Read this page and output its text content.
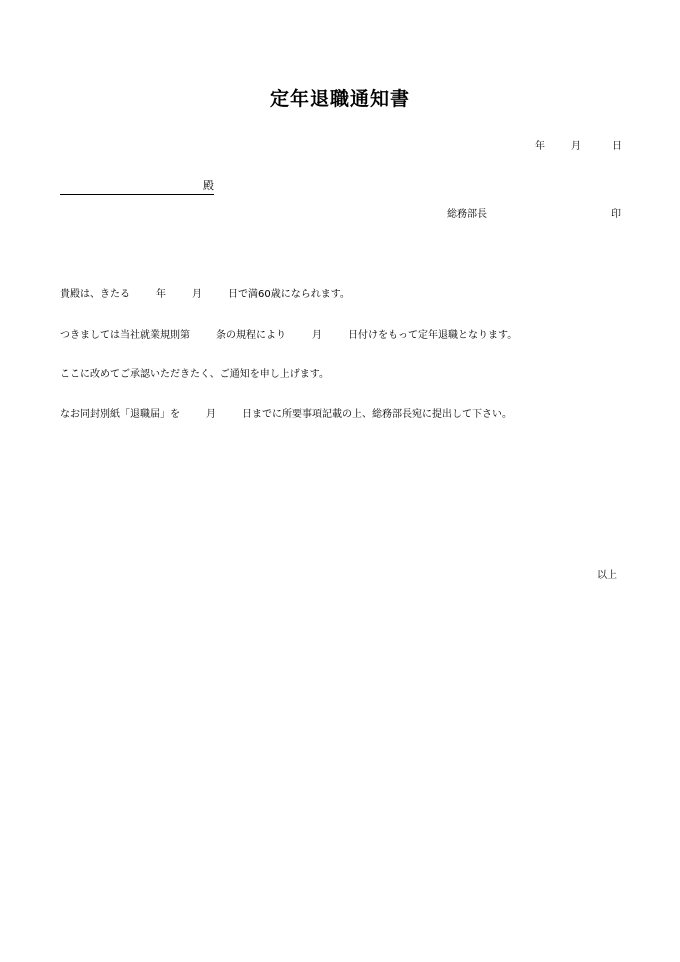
定年退職通知書
年	月	日
殿
総務部長	印
貴殿は、きたる	年	月	日で満60歳になられます。
つきましては当社就業規則第	条の規程により	月	日付けをもって定年退職となります。
ここに改めてご承認いただきたく、ご通知を申し上げます。
なお同封別紙「退職届」を	月	日までに所要事項記載の上、総務部長宛に提出して下さい。
以上
